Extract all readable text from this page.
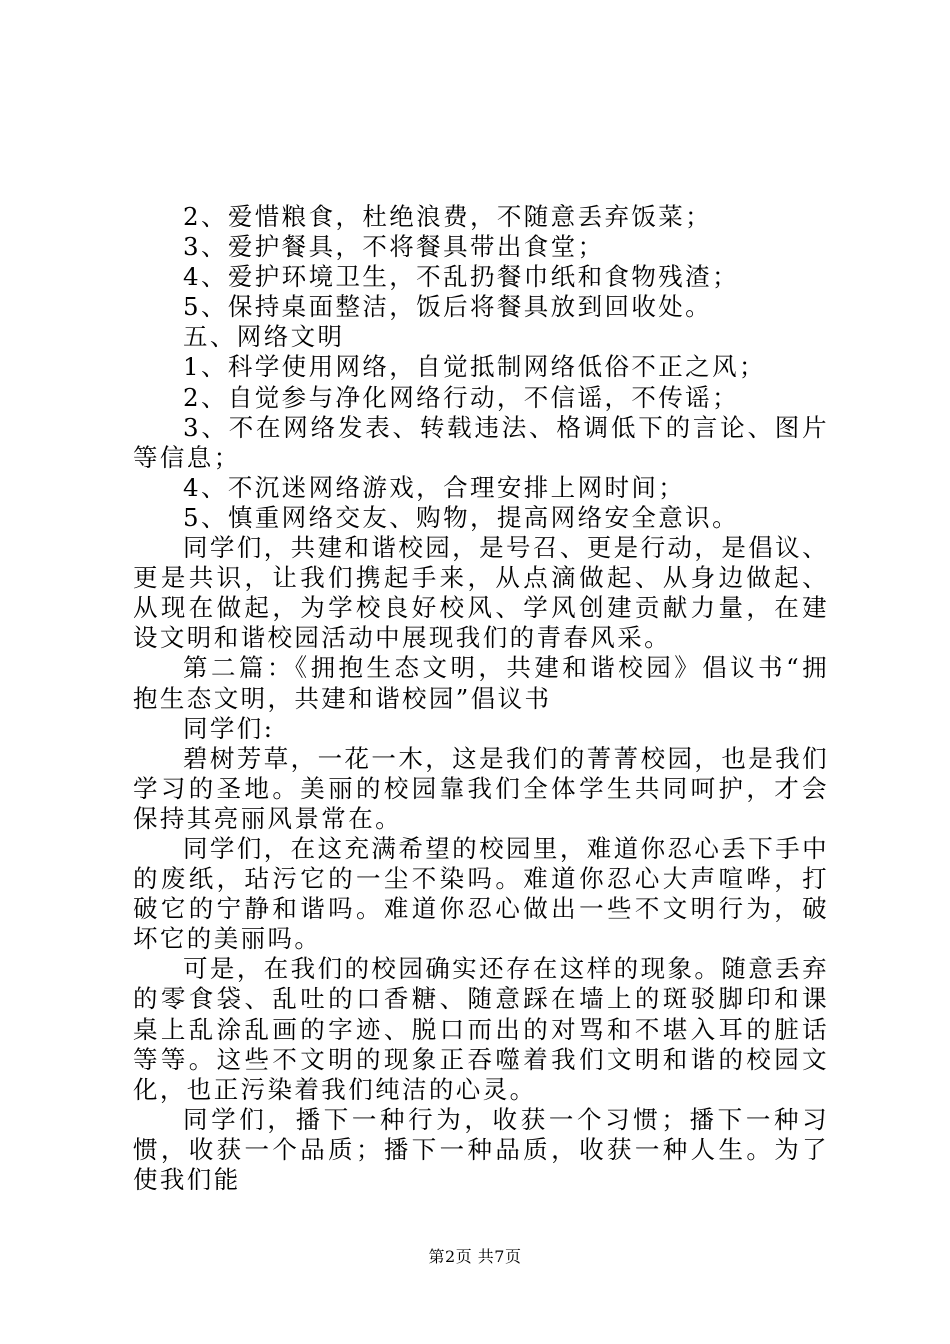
2、爱惜粮食，杜绝浪费，不随意丢弃饭菜；

3、爱护餐具，不将餐具带出食堂；

4、爱护环境卫生，不乱扔餐巾纸和食物残渣；

5、保持桌面整洁，饭后将餐具放到回收处。

五、网络文明

1、科学使用网络，自觉抵制网络低俗不正之风；

2、自觉参与净化网络行动，不信谣，不传谣；

3、不在网络发表、转载违法、格调低下的言论、图片等信息；

4、不沉迷网络游戏，合理安排上网时间；

5、慎重网络交友、购物，提高网络安全意识。

同学们，共建和谐校园，是号召、更是行动，是倡议、更是共识，让我们携起手来，从点滴做起、从身边做起、从现在做起，为学校良好校风、学风创建贡献力量，在建设文明和谐校园活动中展现我们的青春风采。

第二篇：《拥抱生态文明，共建和谐校园》倡议书“拥抱生态文明，共建和谐校园”倡议书

同学们:

碧树芳草，一花一木，这是我们的菁菁校园，也是我们学习的圣地。美丽的校园靠我们全体学生共同呵护，才会保持其亮丽风景常在。

同学们，在这充满希望的校园里，难道你忍心丢下手中的废纸，玷污它的一尘不染吗。难道你忍心大声喧哗，打破它的宁静和谐吗。难道你忍心做出一些不文明行为，破坏它的美丽吗。

可是，在我们的校园确实还存在这样的现象。随意丢弃的零食袋、乱吐的口香糖、随意踩在墙上的斑驳脚印和课桌上乱涂乱画的字迹、脱口而出的对骂和不堪入耳的脏话等等。这些不文明的现象正吞噬着我们文明和谐的校园文化，也正污染着我们纯洁的心灵。

同学们，播下一种行为，收获一个习惯；播下一种习惯，收获一个品质；播下一种品质，收获一种人生。为了使我们能

第2页 共7页
